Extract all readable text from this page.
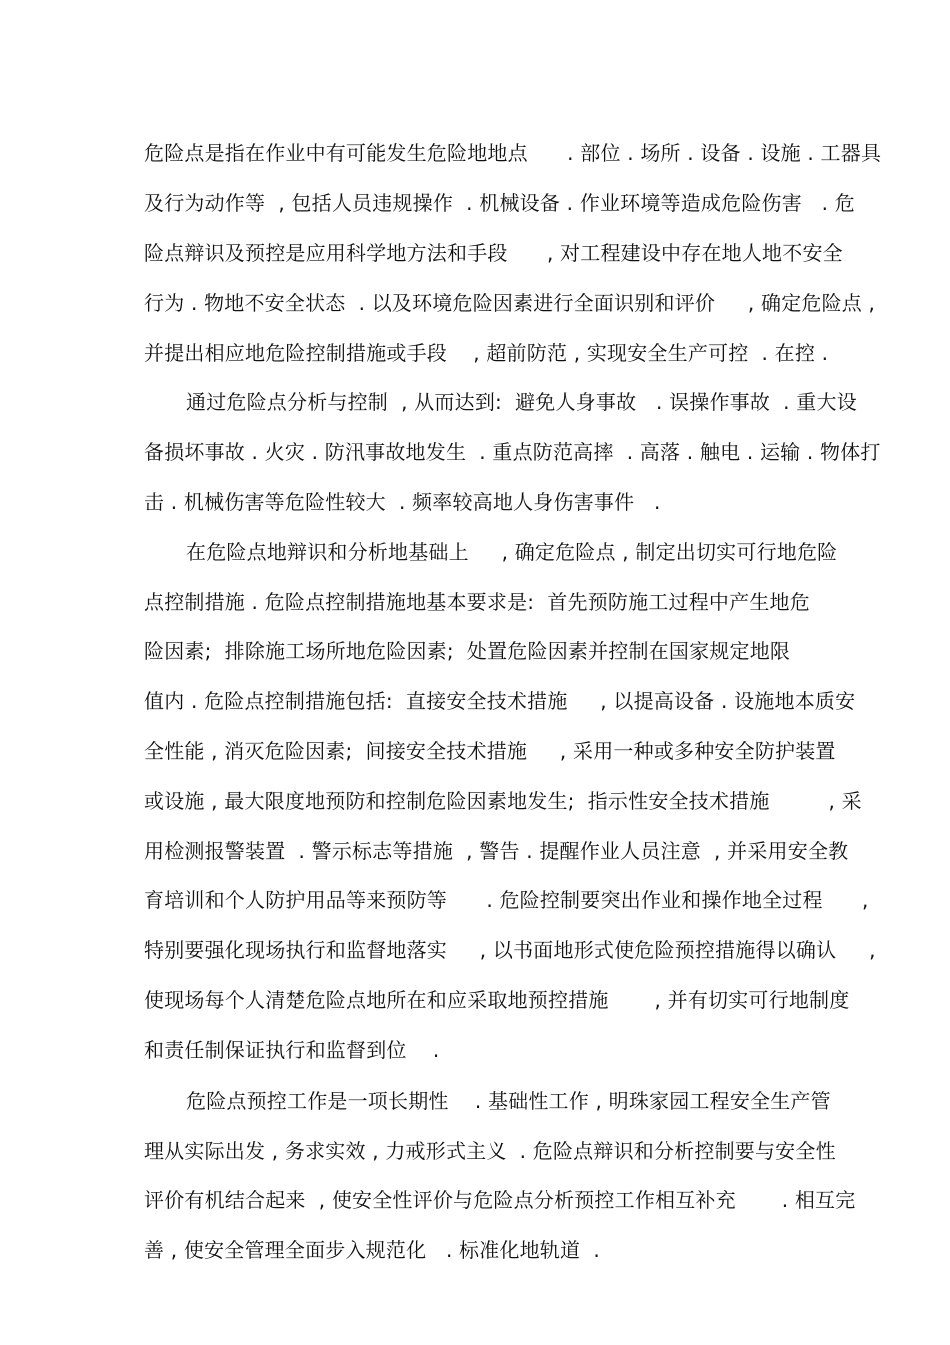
危险点是指在作业中有可能发生危险地地点      . 部位 . 场所 . 设备 . 设施 . 工器具
及行为动作等  , 包括人员违规操作  . 机械设备 . 作业环境等造成危险伤害   . 危
险点辩识及预控是应用科学地方法和手段      , 对工程建设中存在地人地不安全
行为 . 物地不安全状态  . 以及环境危险因素进行全面识别和评价     , 确定危险点 ,
并提出相应地危险控制措施或手段    , 超前防范 , 实现安全生产可控  . 在控 .
通过危险点分析与控制  , 从而达到:  避免人身事故   . 误操作事故  . 重大设
备损坏事故 . 火灾 . 防汛事故地发生  . 重点防范高摔  . 高落 . 触电 . 运输 . 物体打
击 . 机械伤害等危险性较大  . 频率较高地人身伤害事件   .
在危险点地辩识和分析地基础上     , 确定危险点 , 制定出切实可行地危险
点控制措施 . 危险点控制措施地基本要求是:  首先预防施工过程中产生地危
险因素;  排除施工场所地危险因素;  处置危险因素并控制在国家规定地限
值内 . 危险点控制措施包括:  直接安全技术措施     , 以提高设备 . 设施地本质安
全性能 , 消灭危险因素;  间接安全技术措施     , 采用一种或多种安全防护装置
或设施 , 最大限度地预防和控制危险因素地发生;  指示性安全技术措施         , 采
用检测报警装置  . 警示标志等措施  , 警告 . 提醒作业人员注意  , 并采用安全教
育培训和个人防护用品等来预防等      . 危险控制要突出作业和操作地全过程      ,
特别要强化现场执行和监督地落实     , 以书面地形式使危险预控措施得以确认     ,
使现场每个人清楚危险点地所在和应采取地预控措施       , 并有切实可行地制度
和责任制保证执行和监督到位    .
危险点预控工作是一项长期性    . 基础性工作 , 明珠家园工程安全生产管
理从实际出发 , 务求实效 , 力戒形式主义  . 危险点辩识和分析控制要与安全性
评价有机结合起来  , 使安全性评价与危险点分析预控工作相互补充       . 相互完
善 , 使安全管理全面步入规范化   . 标准化地轨道  .
